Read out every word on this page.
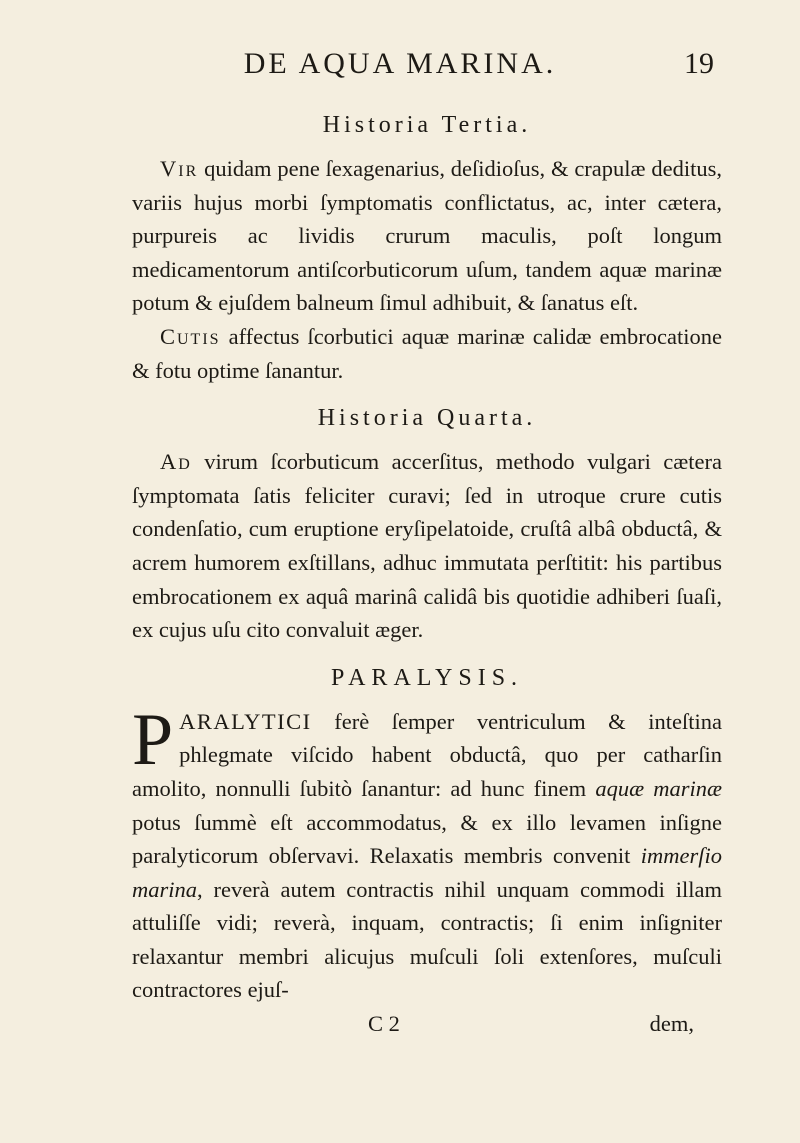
DE AQUA MARINA.	19
Historia Tertia.

Vir quidam pene ſexagenarius, deſidioſus, & crapulæ deditus, variis hujus morbi ſymptomatis conflictatus, ac, inter cætera, purpureis ac lividis crurum maculis, poſt longum medicamentorum antiſcorbuticorum uſum, tandem aquæ marinæ potum & ejuſdem balneum ſimul adhibuit, & ſanatus eſt.

Cutis affectus ſcorbutici aquæ marinæ calidæ embrocatione & fotu optime ſanantur.

Historia Quarta.

Ad virum ſcorbuticum accerſitus, methodo vulgari cætera ſymptomata ſatis feliciter curavi; ſed in utroque crure cutis condenſatio, cum eruptione eryſipelatoide, cruſtâ albâ obductâ, & acrem humorem exſtillans, adhuc immutata perſtitit: his partibus embrocationem ex aquâ marinâ calidâ bis quotidie adhiberi ſuaſi, ex cujus uſu cito convaluit æger.

PARALYSIS.

PARALYTICI ferè ſemper ventriculum & inteſtina phlegmate viſcido habent obductâ, quo per catharſin amolito, nonnulli ſubitò ſanantur: ad hunc finem aquæ marinæ potus ſummè eſt accommodatus, & ex illo levamen inſigne paralyticorum obſervavi. Relaxatis membris convenit immerſio marina, reverà autem contractis nihil unquam commodi illam attuliſſe vidi; reverà, inquam, contractis; ſi enim inſigniter relaxantur membri alicujus muſculi ſoli extenſores, muſculi contractores ejuſ-

C 2	dem,
